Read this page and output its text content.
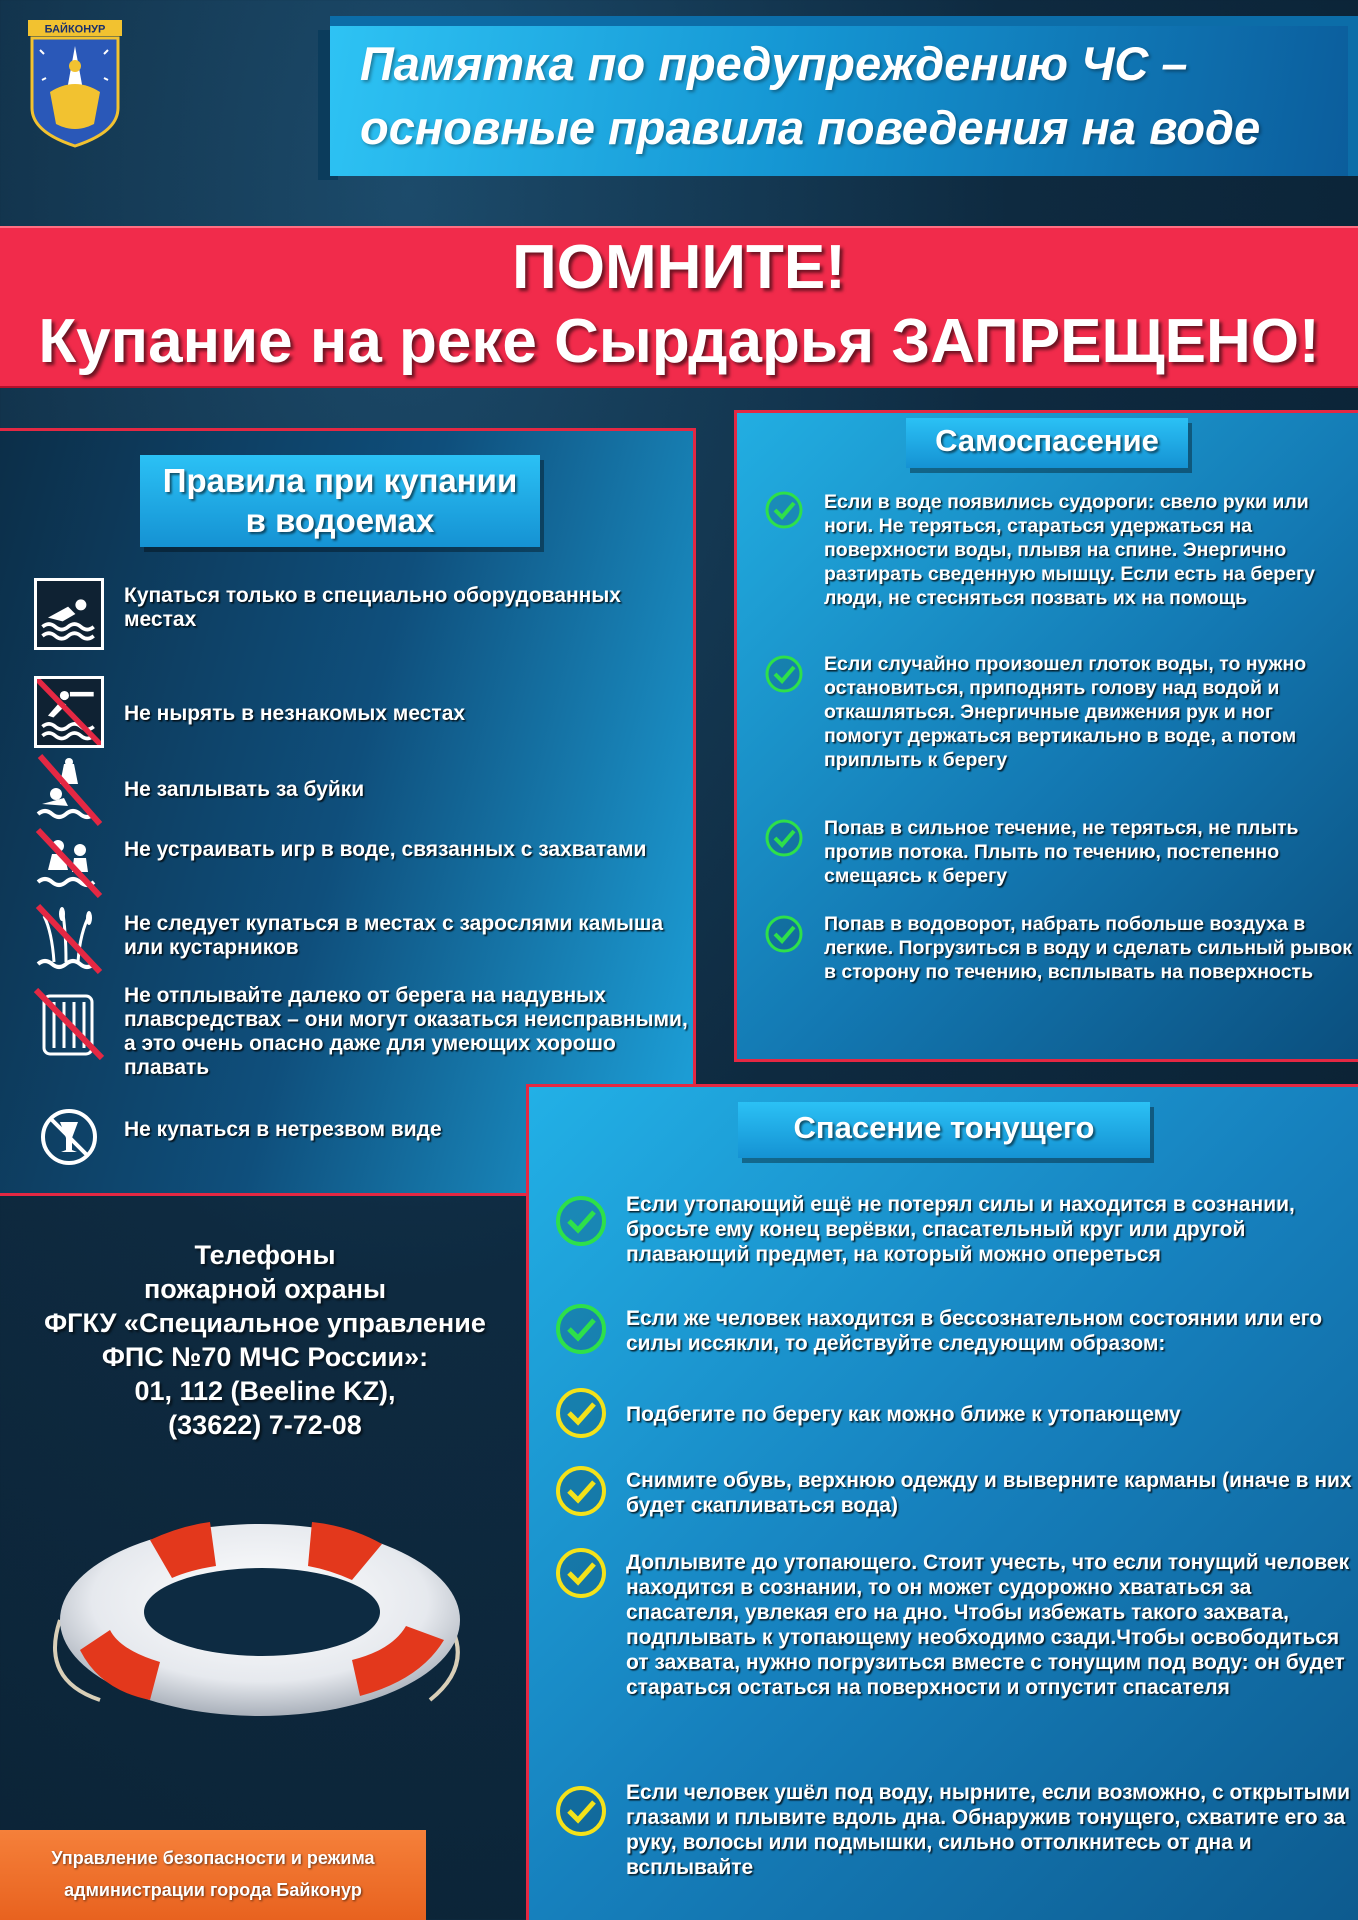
БАЙКОНУР
Памятка по предупреждению ЧС –
основные правила поведения на воде
ПОМНИТЕ!
Купание на реке Сырдарья ЗАПРЕЩЕНО!
Правила при купании
в водоемах
Купаться только в специально оборудованных местах
Не нырять в незнакомых местах
Не заплывать за буйки
Не устраивать игр в воде, связанных с захватами
Не следует купаться в местах с зарослями камыша или кустарников
Не отплывайте далеко от берега на надувных плавсредствах – они могут оказаться неисправными, а это очень опасно даже для умеющих хорошо плавать
Не купаться в нетрезвом виде
Самоспасение
Если в воде появились судороги: свело руки или ноги. Не теряться, стараться удержаться на поверхности воды, плывя на спине. Энергично разтирать сведенную мышцу. Если есть на берегу люди, не стесняться позвать их на помощь
Если случайно произошел глоток воды, то нужно остановиться, приподнять голову над водой и откашляться. Энергичные движения рук и ног помогут держаться вертикально в воде, а потом приплыть к берегу
Попав в сильное течение, не теряться, не плыть против потока. Плыть по течению, постепенно смещаясь к берегу
Попав в водоворот, набрать побольше воздуха в легкие. Погрузиться в воду и сделать сильный рывок в сторону по течению, всплывать на поверхность
Спасение тонущего
Если утопающий ещё не потерял силы и находится в сознании, бросьте ему конец верёвки, спасательный круг или другой плавающий предмет, на который можно опереться
Если же человек находится в бессознательном состоянии или его силы иссякли, то действуйте следующим образом:
Подбегите по берегу как можно ближе к утопающему
Снимите обувь, верхнюю одежду и выверните карманы (иначе в них будет скапливаться вода)
Доплывите до утопающего. Стоит учесть, что если тонущий человек находится в сознании, то он может судорожно хвататься за спасателя, увлекая его на дно. Чтобы избежать такого захвата, подплывать к утопающему необходимо сзади.Чтобы освободиться от захвата, нужно погрузиться вместе с тонущим под воду: он будет стараться остаться на поверхности и отпустит спасателя
Если человек ушёл под воду, нырните, если возможно, с открытыми глазами и плывите вдоль дна. Обнаружив тонущего, схватите его за руку, волосы или подмышки, сильно оттолкнитесь от дна и всплывайте
Телефоны
пожарной охраны
ФГКУ «Специальное управление
ФПС №70 МЧС России»:
01, 112 (Beeline KZ),
(33622) 7-72-08
Управление безопасности и режима
администрации города Байконур
